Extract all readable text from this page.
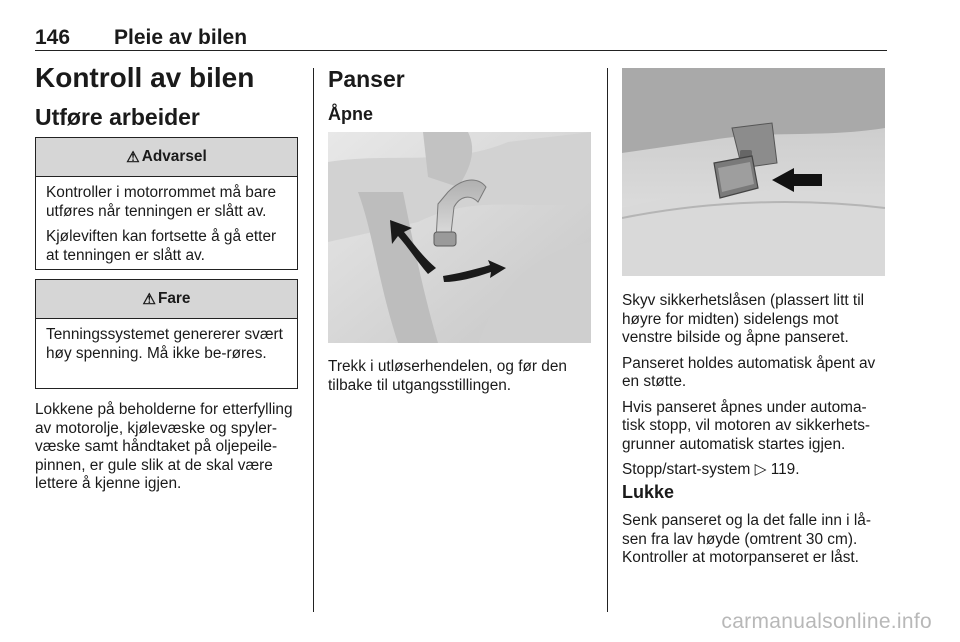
146 Pleie av bilen
Kontroll av bilen
Utføre arbeider
⚠ Advarsel

Kontroller i motorrommet må bare utføres når tenningen er slått av.

Kjøleviften kan fortsette å gå etter at tenningen er slått av.

⚠ Fare

Tenningssystemet genererer svært høy spenning. Må ikke be-røres.

Lokkene på beholderne for etterfylling av motorolje, kjølevæske og spyler-væske samt håndtaket på oljepeile-pinnen, er gule slik at de skal være lettere å kjenne igjen.

Panser
Åpne

Trekk i utløserhendelen, og før den tilbake til utgangsstillingen.

Skyv sikkerhetslåsen (plassert litt til høyre for midten) sidelengs mot venstre bilside og åpne panseret.

Panseret holdes automatisk åpent av en støtte.

Hvis panseret åpnes under automa-tisk stopp, vil motoren av sikkerhets-grunner automatisk startes igjen.

Stopp/start-system ▷ 119.

Lukke

Senk panseret og la det falle inn i lå-sen fra lav høyde (omtrent 30 cm). Kontroller at motorpanseret er låst.

carmanualsonline.info
